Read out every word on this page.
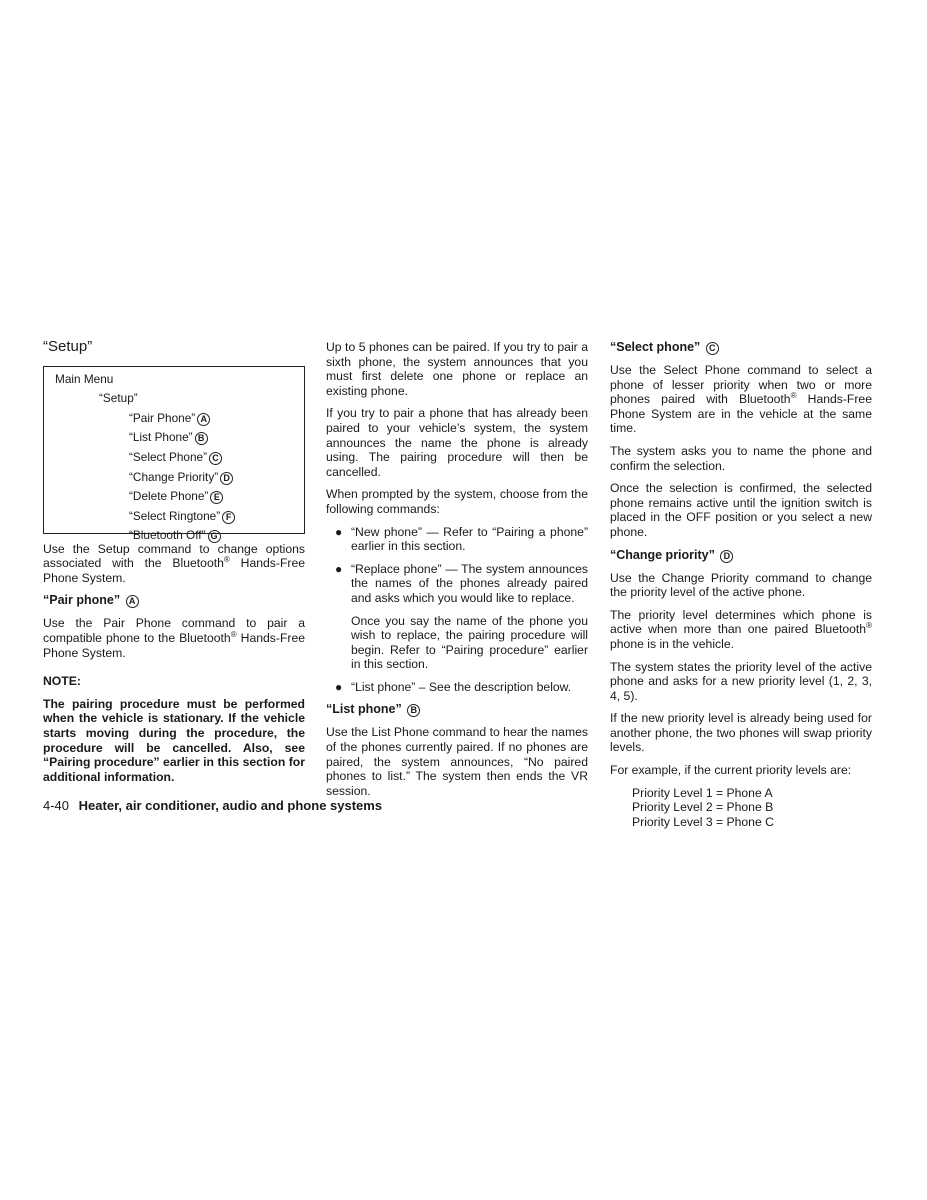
“Setup”
Main Menu
“Setup”
“Pair Phone” A
“List Phone” B
“Select Phone” C
“Change Priority” D
“Delete Phone” E
“Select Ringtone” F
“Bluetooth Off” G

Use the Setup command to change options associated with the Bluetooth® Hands-Free Phone System.

“Pair phone” A

Use the Pair Phone command to pair a compatible phone to the Bluetooth® Hands-Free Phone System.

NOTE:

The pairing procedure must be performed when the vehicle is stationary. If the vehicle starts moving during the procedure, the procedure will be cancelled. Also, see “Pairing procedure” earlier in this section for additional information.

Up to 5 phones can be paired. If you try to pair a sixth phone, the system announces that you must first delete one phone or replace an existing phone.

If you try to pair a phone that has already been paired to your vehicle’s system, the system announces the name the phone is already using. The pairing procedure will then be cancelled.

When prompted by the system, choose from the following commands:

● “New phone” — Refer to “Pairing a phone” earlier in this section.
● “Replace phone” — The system announces the names of the phones already paired and asks which you would like to replace.

Once you say the name of the phone you wish to replace, the pairing procedure will begin. Refer to “Pairing procedure” earlier in this section.

● “List phone” – See the description below.
“List phone” B

Use the List Phone command to hear the names of the phones currently paired. If no phones are paired, the system announces, “No paired phones to list.” The system then ends the VR session.

“Select phone” C

Use the Select Phone command to select a phone of lesser priority when two or more phones paired with Bluetooth® Hands-Free Phone System are in the vehicle at the same time.

The system asks you to name the phone and confirm the selection.

Once the selection is confirmed, the selected phone remains active until the ignition switch is placed in the OFF position or you select a new phone.

“Change priority” D

Use the Change Priority command to change the priority level of the active phone.

The priority level determines which phone is active when more than one paired Bluetooth® phone is in the vehicle.

The system states the priority level of the active phone and asks for a new priority level (1, 2, 3, 4, 5).

If the new priority level is already being used for another phone, the two phones will swap priority levels.

For example, if the current priority levels are:

Priority Level 1 = Phone A
Priority Level 2 = Phone B
Priority Level 3 = Phone C
4-40 Heater, air conditioner, audio and phone systems
